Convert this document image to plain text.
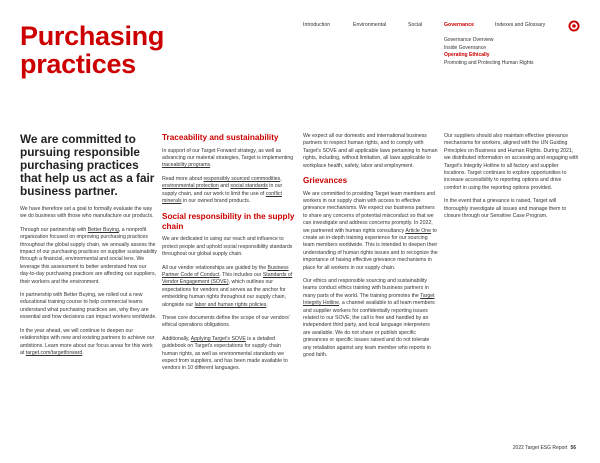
Purchasing practices
Introduction	Environmental	Social	Governance	Indexes and Glossary
Governance Overview
Inside Governance
Operating Ethically
Promoting and Protecting Human Rights

We are committed to pursuing responsible purchasing practices that help us act as a fair business partner.

We have therefore set a goal to formally evaluate the way we do business with those who manufacture our products.

Through our partnership with Better Buying, a nonprofit organization focused on improving purchasing practices throughout the global supply chain, we annually assess the impact of our purchasing practices on supplier sustainability through a financial, environmental and social lens. We leverage this assessment to better understand how our day-to-day purchasing practices are affecting our suppliers, their workers and the environment.

In partnership with Better Buying, we rolled out a new educational training course to help commercial teams understand what purchasing practices are, why they are essential and how decisions can impact workers worldwide.

In the year ahead, we will continue to deepen our relationships with new and existing partners to achieve our ambitions. Learn more about our focus areas for this work at target.com/targetforward.

Traceability and sustainability

In support of our Target Forward strategy, as well as advancing our material strategies, Target is implementing traceability programs.

Read more about responsibly sourced commodities, environmental protection and social standards in our supply chain, and our work to limit the use of conflict minerals in our owned brand products.

Social responsibility in the supply chain

We are dedicated to using our reach and influence to protect people and uphold social responsibility standards throughout our global supply chain.

All our vendor relationships are guided by the Business Partner Code of Conduct. This includes our Standards of Vendor Engagement (SOVE), which outlines our expectations for vendors and serves as the anchor for embedding human rights throughout our supply chain, alongside our labor and human rights policies.

These core documents define the scope of our vendors' ethical operations obligations.

Additionally, Applying Target's SOVE is a detailed guidebook on Target's expectations for supply chain human rights, as well as environmental standards we expect from suppliers, and has been made available to vendors in 10 different languages.

We expect all our domestic and international business partners to respect human rights, and to comply with Target's SOVE and all applicable laws pertaining to human rights, including, without limitation, all laws applicable to workplace health, safety, labor and employment.

Grievances

We are committed to providing Target team members and workers in our supply chain with access to effective grievance mechanisms. We expect our business partners to share any concerns of potential misconduct so that we can investigate and address concerns promptly. In 2022, we partnered with human rights consultancy Article One to create an in-depth training experience for our sourcing team members worldwide. This is intended to deepen their understanding of human rights issues and to recognize the importance of having effective grievance mechanisms in place for all workers in our supply chain.

Our ethics and responsible sourcing and sustainability teams conduct ethics training with business partners in many parts of the world. The training promotes the Target Integrity Hotline, a channel available to all team members and supplier workers for confidentially reporting issues related to our SOVE; the call is free and handled by an independent third party, and local language interpreters are available. We do not share or publish specific grievances or specific issues raised and do not tolerate any retaliation against any team member who reports in good faith.

Our suppliers should also maintain effective grievance mechanisms for workers, aligned with the UN Guiding Principles on Business and Human Rights. During 2021, we distributed information on accessing and engaging with Target's Integrity Hotline to all factory and supplier locations. Target continues to explore opportunities to increase accessibility to reporting options and drive comfort in using the reporting options provided.

In the event that a grievance is raised, Target will thoroughly investigate all issues and manage them to closure through our Sensitive Case Program.

2022 Target ESG Report 56
